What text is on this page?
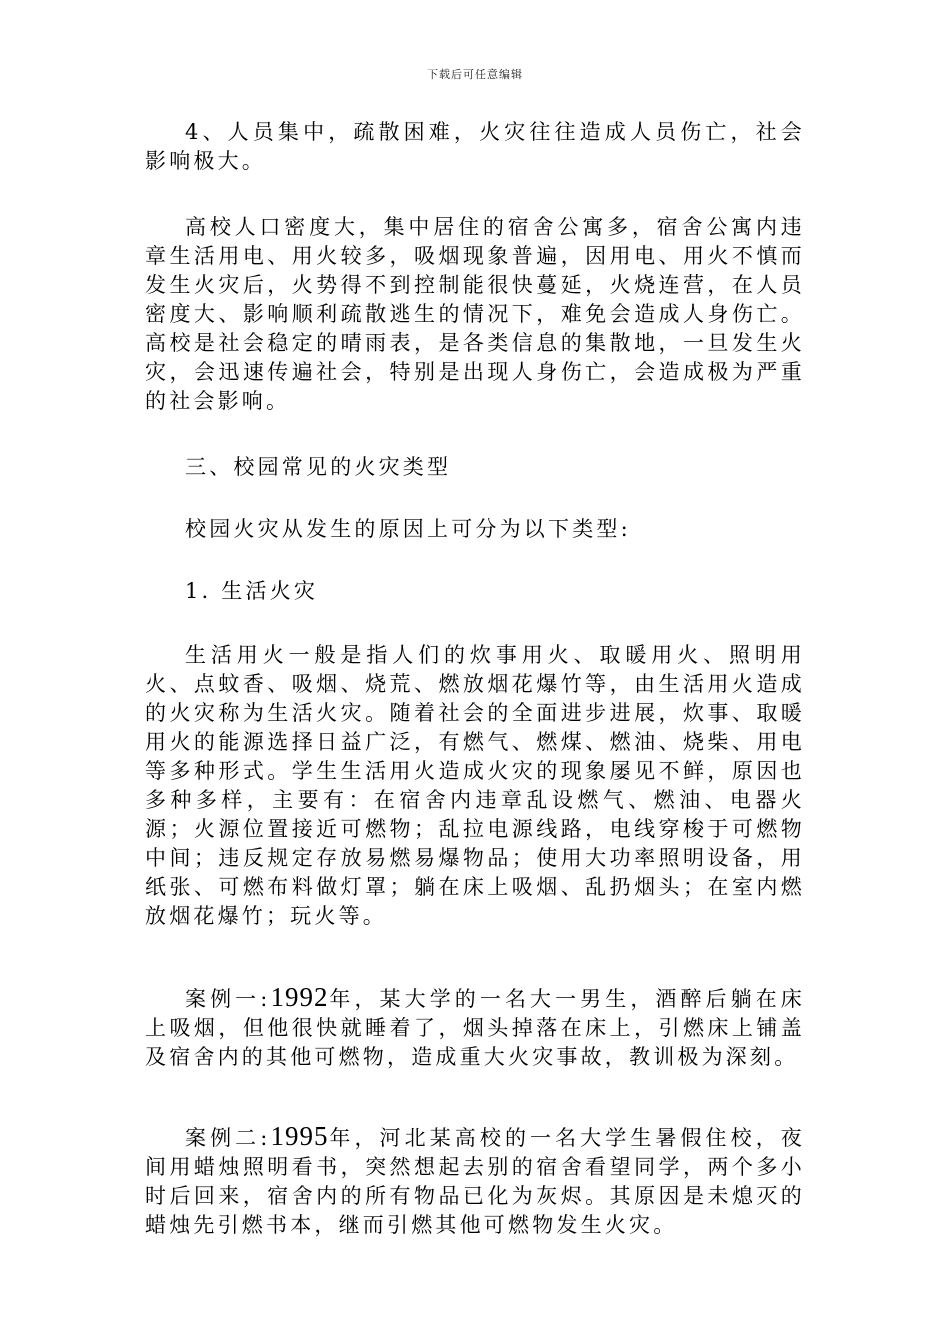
下载后可任意编辑

4、人员集中，疏散困难，火灾往往造成人员伤亡，社会影响极大。

高校人口密度大，集中居住的宿舍公寓多，宿舍公寓内违章生活用电、用火较多，吸烟现象普遍，因用电、用火不慎而发生火灾后，火势得不到控制能很快蔓延，火烧连营，在人员密度大、影响顺利疏散逃生的情况下，难免会造成人身伤亡。高校是社会稳定的晴雨表，是各类信息的集散地，一旦发生火灾，会迅速传遍社会，特别是出现人身伤亡，会造成极为严重的社会影响。

三、校园常见的火灾类型

校园火灾从发生的原因上可分为以下类型:

1. 生活火灾

生活用火一般是指人们的炊事用火、取暖用火、照明用火、点蚊香、吸烟、烧荒、燃放烟花爆竹等，由生活用火造成的火灾称为生活火灾。随着社会的全面进步进展，炊事、取暖用火的能源选择日益广泛，有燃气、燃煤、燃油、烧柴、用电等多种形式。学生生活用火造成火灾的现象屡见不鲜，原因也多种多样，主要有：在宿舍内违章乱设燃气、燃油、电器火源；火源位置接近可燃物；乱拉电源线路，电线穿梭于可燃物中间；违反规定存放易燃易爆物品；使用大功率照明设备，用纸张、可燃布料做灯罩；躺在床上吸烟、乱扔烟头；在室内燃放烟花爆竹；玩火等。

案例一:1992年，某大学的一名大一男生，酒醉后躺在床上吸烟，但他很快就睡着了，烟头掉落在床上，引燃床上铺盖及宿舍内的其他可燃物，造成重大火灾事故，教训极为深刻。

案例二:1995年，河北某高校的一名大学生暑假住校，夜间用蜡烛照明看书，突然想起去别的宿舍看望同学，两个多小时后回来，宿舍内的所有物品已化为灰烬。其原因是未熄灭的蜡烛先引燃书本，继而引燃其他可燃物发生火灾。
